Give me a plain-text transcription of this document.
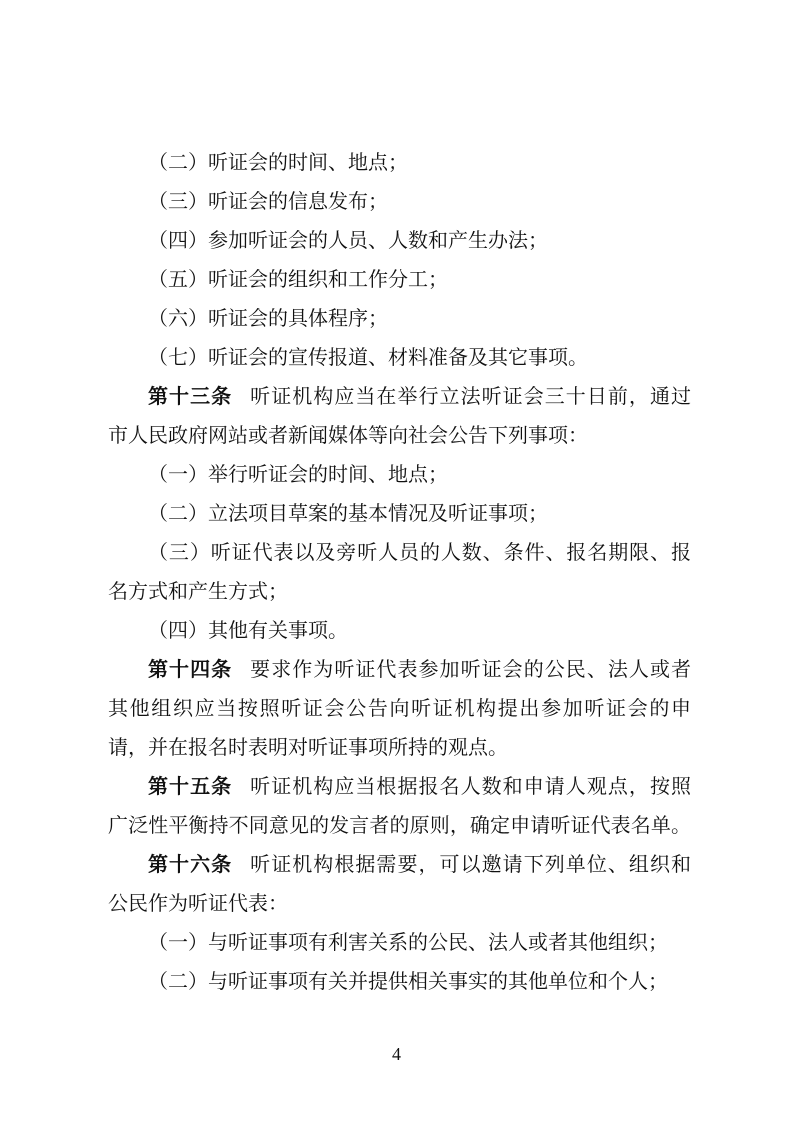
（二）听证会的时间、地点；
（三）听证会的信息发布；
（四）参加听证会的人员、人数和产生办法；
（五）听证会的组织和工作分工；
（六）听证会的具体程序；
（七）听证会的宣传报道、材料准备及其它事项。
第十三条 听证机构应当在举行立法听证会三十日前，通过
市人民政府网站或者新闻媒体等向社会公告下列事项：
（一）举行听证会的时间、地点；
（二）立法项目草案的基本情况及听证事项；
（三）听证代表以及旁听人员的人数、条件、报名期限、报
名方式和产生方式；
（四）其他有关事项。
第十四条 要求作为听证代表参加听证会的公民、法人或者
其他组织应当按照听证会公告向听证机构提出参加听证会的申
请，并在报名时表明对听证事项所持的观点。
第十五条 听证机构应当根据报名人数和申请人观点，按照
广泛性平衡持不同意见的发言者的原则，确定申请听证代表名单。
第十六条 听证机构根据需要，可以邀请下列单位、组织和
公民作为听证代表：
（一）与听证事项有利害关系的公民、法人或者其他组织；
（二）与听证事项有关并提供相关事实的其他单位和个人；
4
